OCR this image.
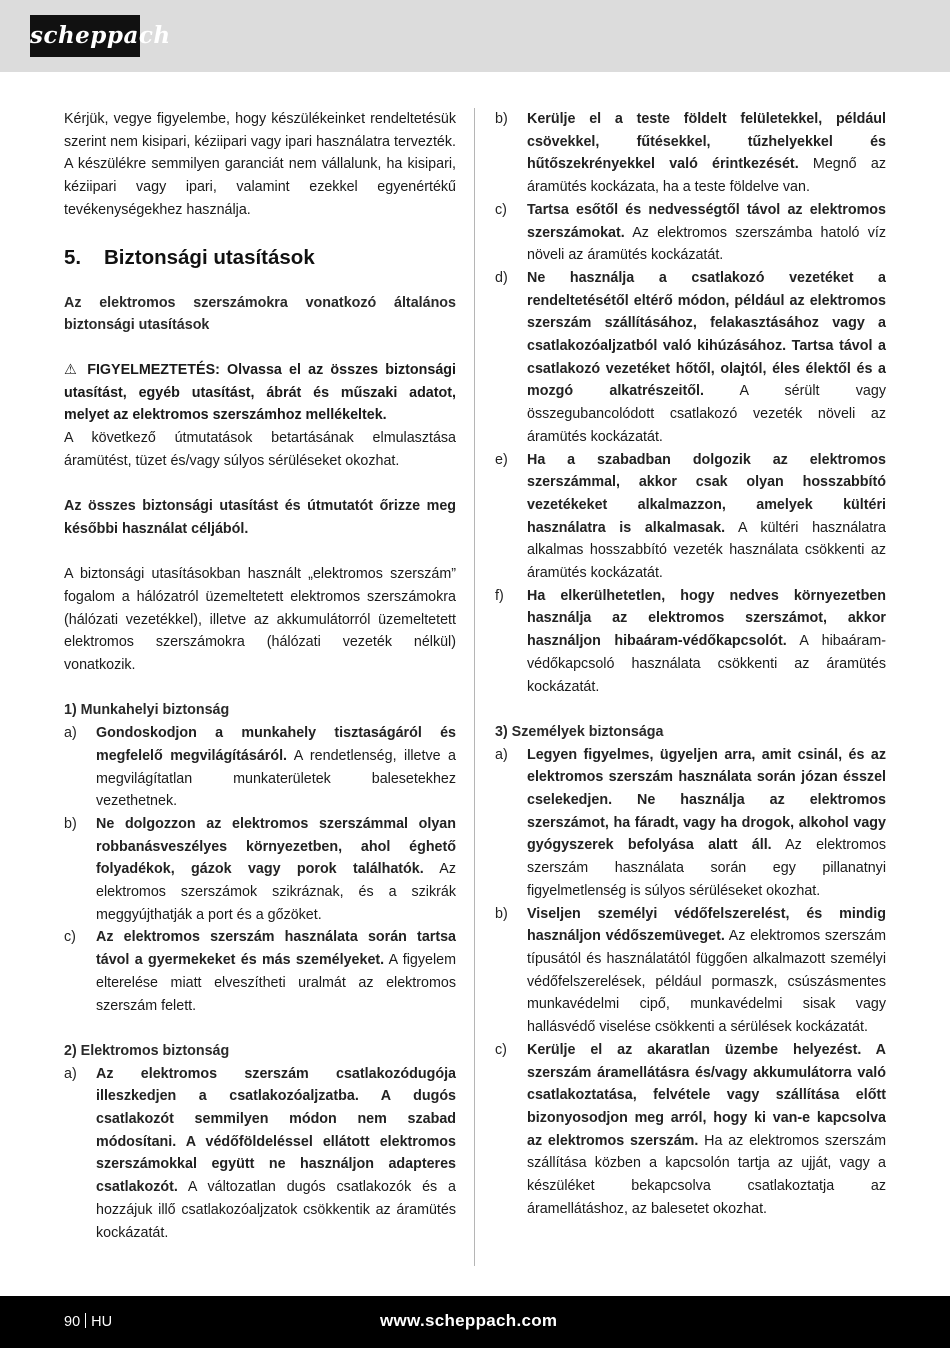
scheppach

Kérjük, vegye figyelembe, hogy készülékeinket rendeltetésük szerint nem kisipari, kéziipari vagy ipari használatra tervezték. A készülékre semmilyen garanciát nem vállalunk, ha kisipari, kéziipari vagy ipari, valamint ezekkel egyenértékű tevékenységekhez használja.

5.	Biztonsági utasítások

Az elektromos szerszámokra vonatkozó általános biztonsági utasítások

⚠ FIGYELMEZTETÉS: Olvassa el az összes biztonsági utasítást, egyéb utasítást, ábrát és műszaki adatot, melyet az elektromos szerszámhoz mellékeltek.

A következő útmutatások betartásának elmulasztása áramütést, tüzet és/vagy súlyos sérüléseket okozhat.

Az összes biztonsági utasítást és útmutatót őrizze meg későbbi használat céljából.

A biztonsági utasításokban használt „elektromos szerszám” fogalom a hálózatról üzemeltetett elektromos szerszámokra (hálózati vezetékkel), illetve az akkumulátorról üzemeltetett elektromos szerszámokra (hálózati vezeték nélkül) vonatkozik.

1) Munkahelyi biztonság

a)	Gondoskodjon a munkahely tisztaságáról és megfelelő megvilágításáról. A rendetlenség, illetve a megvilágítatlan munkaterületek balesetekhez vezethetnek.
b)	Ne dolgozzon az elektromos szerszámmal olyan robbanásveszélyes környezetben, ahol éghető folyadékok, gázok vagy porok találhatók. Az elektromos szerszámok szikráznak, és a szikrák meggyújthatják a port és a gőzöket.
c)	Az elektromos szerszám használata során tartsa távol a gyermekeket és más személyeket. A figyelem elterelése miatt elveszítheti uralmát az elektromos szerszám felett.

2) Elektromos biztonság

a)	Az elektromos szerszám csatlakozódugója illeszkedjen a csatlakozóaljzatba. A dugós csatlakozót semmilyen módon nem szabad módosítani. A védőföldeléssel ellátott elektromos szerszámokkal együtt ne használjon adapteres csatlakozót. A változatlan dugós csatlakozók és a hozzájuk illő csatlakozóaljzatok csökkentik az áramütés kockázatát.
b)	Kerülje el a teste földelt felületekkel, például csövekkel, fűtésekkel, tűzhelyekkel és hűtőszekrényekkel való érintkezését. Megnő az áramütés kockázata, ha a teste földelve van.
c)	Tartsa esőtől és nedvességtől távol az elektromos szerszámokat. Az elektromos szerszámba hatoló víz növeli az áramütés kockázatát.
d)	Ne használja a csatlakozó vezetéket a rendeltetésétől eltérő módon, például az elektromos szerszám szállításához, felakasztásához vagy a csatlakozóaljzatból való kihúzásához. Tartsa távol a csatlakozó vezetéket hőtől, olajtól, éles élektől és a mozgó alkatrészeitől. A sérült vagy összegubancolódott csatlakozó vezeték növeli az áramütés kockázatát.
e)	Ha a szabadban dolgozik az elektromos szerszámmal, akkor csak olyan hosszabbító vezetékeket alkalmazzon, amelyek kültéri használatra is alkalmasak. A kültéri használatra alkalmas hosszabbító vezeték használata csökkenti az áramütés kockázatát.
f)	Ha elkerülhetetlen, hogy nedves környezetben használja az elektromos szerszámot, akkor használjon hibaáram-védőkapcsolót. A hibaáram-védőkapcsoló használata csökkenti az áramütés kockázatát.

3) Személyek biztonsága

a)	Legyen figyelmes, ügyeljen arra, amit csinál, és az elektromos szerszám használata során józan ésszel cselekedjen. Ne használja az elektromos szerszámot, ha fáradt, vagy ha drogok, alkohol vagy gyógyszerek befolyása alatt áll. Az elektromos szerszám használata során egy pillanatnyi figyelmetlenség is súlyos sérüléseket okozhat.
b)	Viseljen személyi védőfelszerelést, és mindig használjon védőszemüveget. Az elektromos szerszám típusától és használatától függően alkalmazott személyi védőfelszerelések, például pormaszk, csúszásmentes munkavédelmi cipő, munkavédelmi sisak vagy hallásvédő viselése csökkenti a sérülések kockázatát.
c)	Kerülje el az akaratlan üzembe helyezést. A szerszám áramellátásra és/vagy akkumulátorra való csatlakoztatása, felvétele vagy szállítása előtt bizonyosodjon meg arról, hogy ki van-e kapcsolva az elektromos szerszám. Ha az elektromos szerszám szállítása közben a kapcsolón tartja az ujját, vagy a készüléket bekapcsolva csatlakoztatja az áramellátáshoz, az balesetet okozhat.
90 HU	www.scheppach.com
